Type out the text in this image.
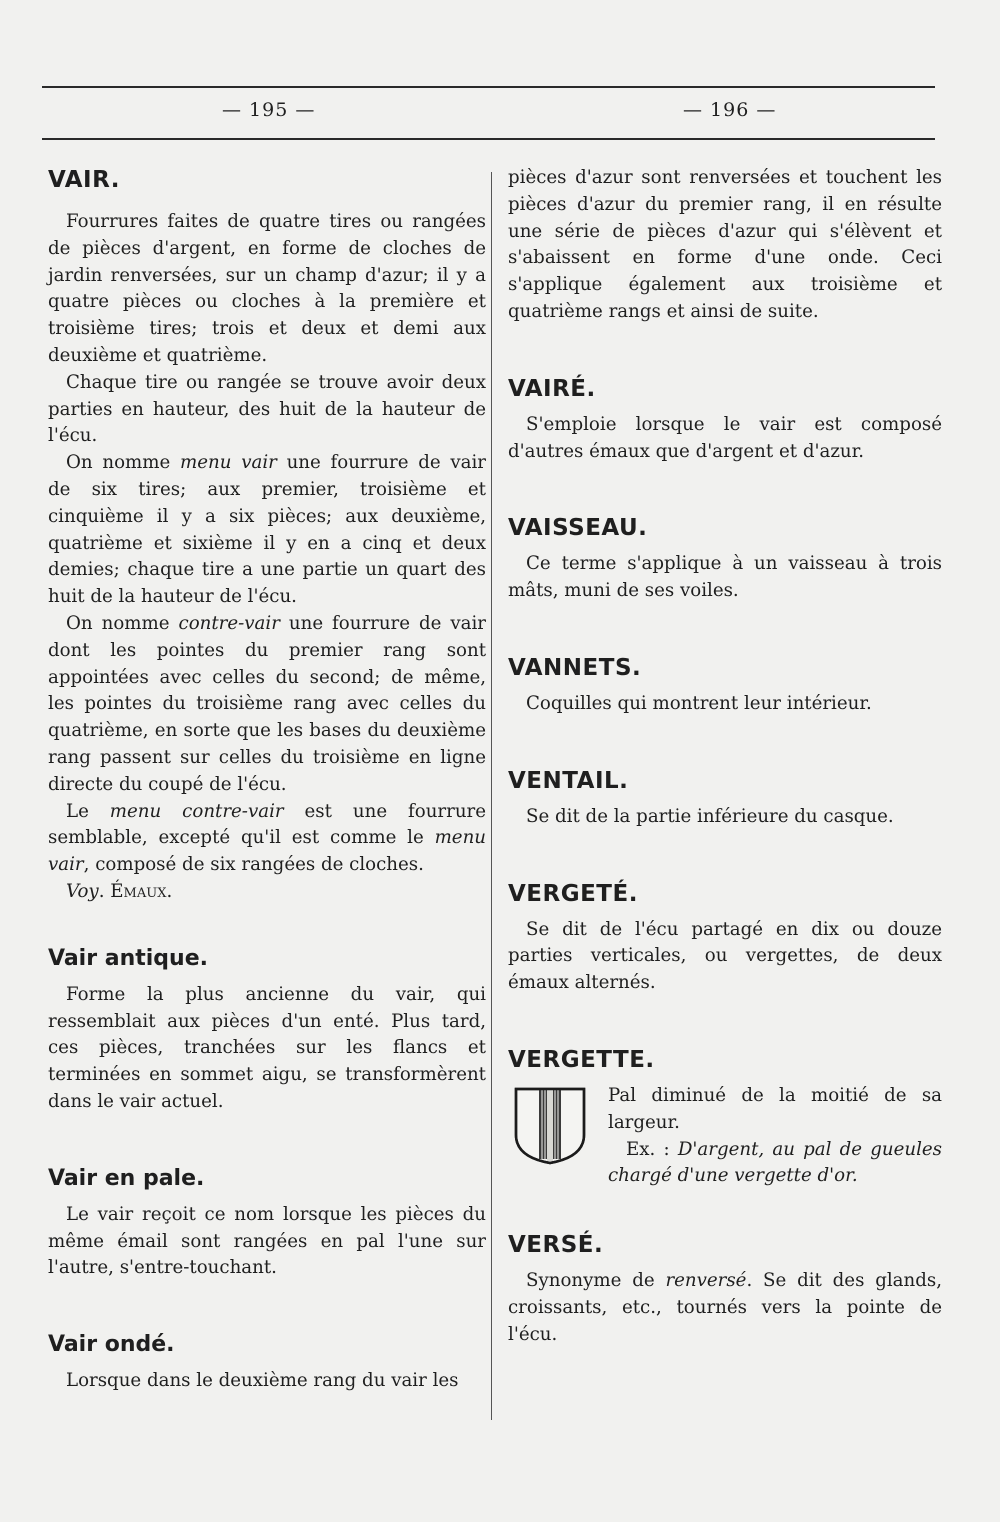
— 195 —	— 196 —
VAIR.

Fourrures faites de quatre tires ou rangées de pièces d'argent, en forme de cloches de jardin renversées, sur un champ d'azur; il y a quatre pièces ou cloches à la première et troisième tires; trois et deux et demi aux deuxième et quatrième.

Chaque tire ou rangée se trouve avoir deux parties en hauteur, des huit de la hauteur de l'écu.

On nomme menu vair une fourrure de vair de six tires; aux premier, troisième et cinquième il y a six pièces; aux deuxième, quatrième et sixième il y en a cinq et deux demies; chaque tire a une partie un quart des huit de la hauteur de l'écu.

On nomme contre-vair une fourrure de vair dont les pointes du premier rang sont appointées avec celles du second; de même, les pointes du troisième rang avec celles du quatrième, en sorte que les bases du deuxième rang passent sur celles du troisième en ligne directe du coupé de l'écu.

Le menu contre-vair est une fourrure semblable, excepté qu'il est comme le menu vair, composé de six rangées de cloches.

Voy. Émaux.

Vair antique.

Forme la plus ancienne du vair, qui ressemblait aux pièces d'un enté. Plus tard, ces pièces, tranchées sur les flancs et terminées en sommet aigu, se transformèrent dans le vair actuel.

Vair en pale.

Le vair reçoit ce nom lorsque les pièces du même émail sont rangées en pal l'une sur l'autre, s'entre-touchant.

Vair ondé.

Lorsque dans le deuxième rang du vair les

pièces d'azur sont renversées et touchent les pièces d'azur du premier rang, il en résulte une série de pièces d'azur qui s'élèvent et s'abaissent en forme d'une onde. Ceci s'applique également aux troisième et quatrième rangs et ainsi de suite.

VAIRÉ.

S'emploie lorsque le vair est composé d'autres émaux que d'argent et d'azur.

VAISSEAU.

Ce terme s'applique à un vaisseau à trois mâts, muni de ses voiles.

VANNETS.

Coquilles qui montrent leur intérieur.

VENTAIL.

Se dit de la partie inférieure du casque.

VERGETÉ.

Se dit de l'écu partagé en dix ou douze parties verticales, ou vergettes, de deux émaux alternés.

VERGETTE.

Pal diminué de la moitié de sa largeur.

Ex. : D'argent, au pal de gueules chargé d'une vergette d'or.

VERSÉ.

Synonyme de renversé. Se dit des glands, croissants, etc., tournés vers la pointe de l'écu.
